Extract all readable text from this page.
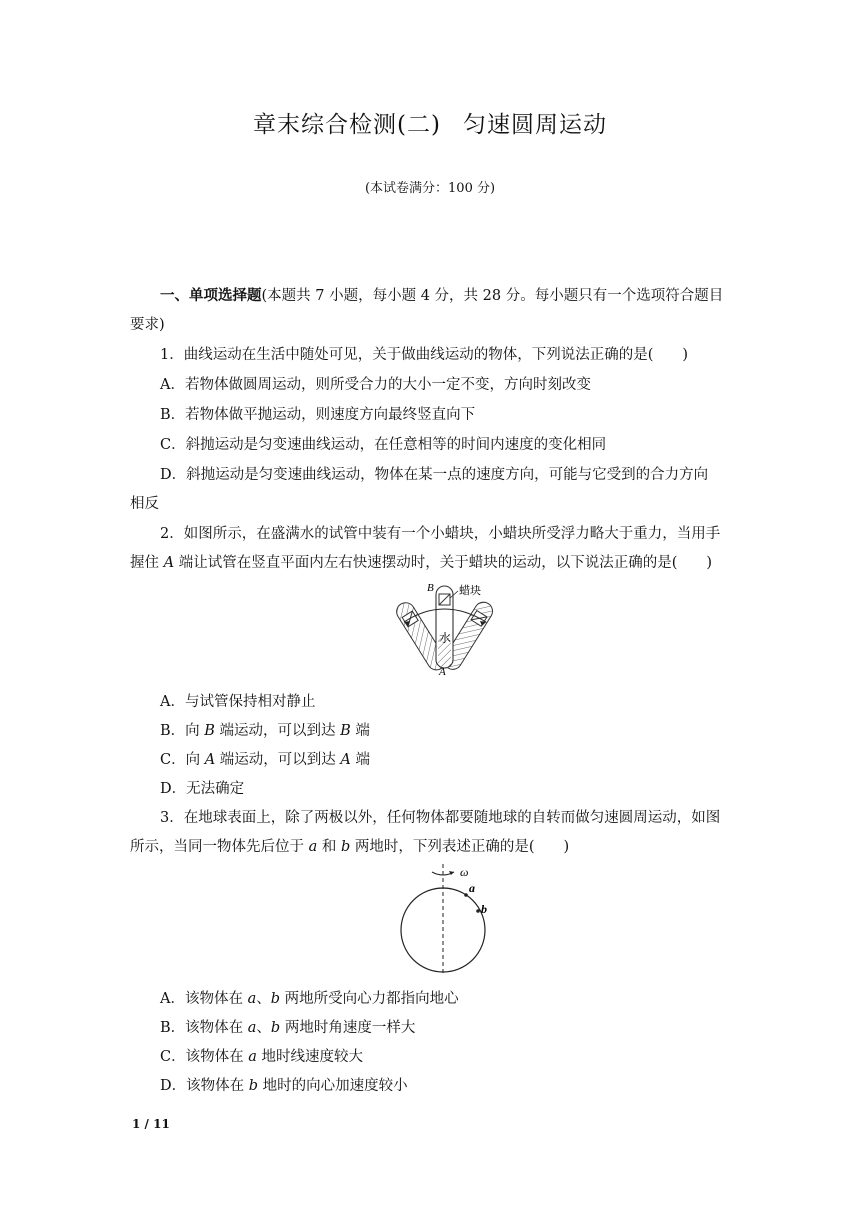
章末综合检测(二) 匀速圆周运动
(本试卷满分：100 分)
一、单项选择题(本题共 7 小题，每小题 4 分，共 28 分。每小题只有一个选项符合题目
要求)
1．曲线运动在生活中随处可见，关于做曲线运动的物体，下列说法正确的是(　　)
A．若物体做圆周运动，则所受合力的大小一定不变，方向时刻改变
B．若物体做平抛运动，则速度方向最终竖直向下
C．斜抛运动是匀变速曲线运动，在任意相等的时间内速度的变化相同
D．斜抛运动是匀变速曲线运动，物体在某一点的速度方向，可能与它受到的合力方向
相反
2．如图所示，在盛满水的试管中装有一个小蜡块，小蜡块所受浮力略大于重力，当用手
握住 A 端让试管在竖直平面内左右快速摆动时，关于蜡块的运动，以下说法正确的是(　　)
B 蜡块
水
A
A．与试管保持相对静止
B．向 B 端运动，可以到达 B 端
C．向 A 端运动，可以到达 A 端
D．无法确定
3．在地球表面上，除了两极以外，任何物体都要随地球的自转而做匀速圆周运动，如图
所示，当同一物体先后位于 a 和 b 两地时，下列表述正确的是(　　)
ω
a
b
A．该物体在 a、b 两地所受向心力都指向地心
B．该物体在 a、b 两地时角速度一样大
C．该物体在 a 地时线速度较大
D．该物体在 b 地时的向心加速度较小
1 / 11
